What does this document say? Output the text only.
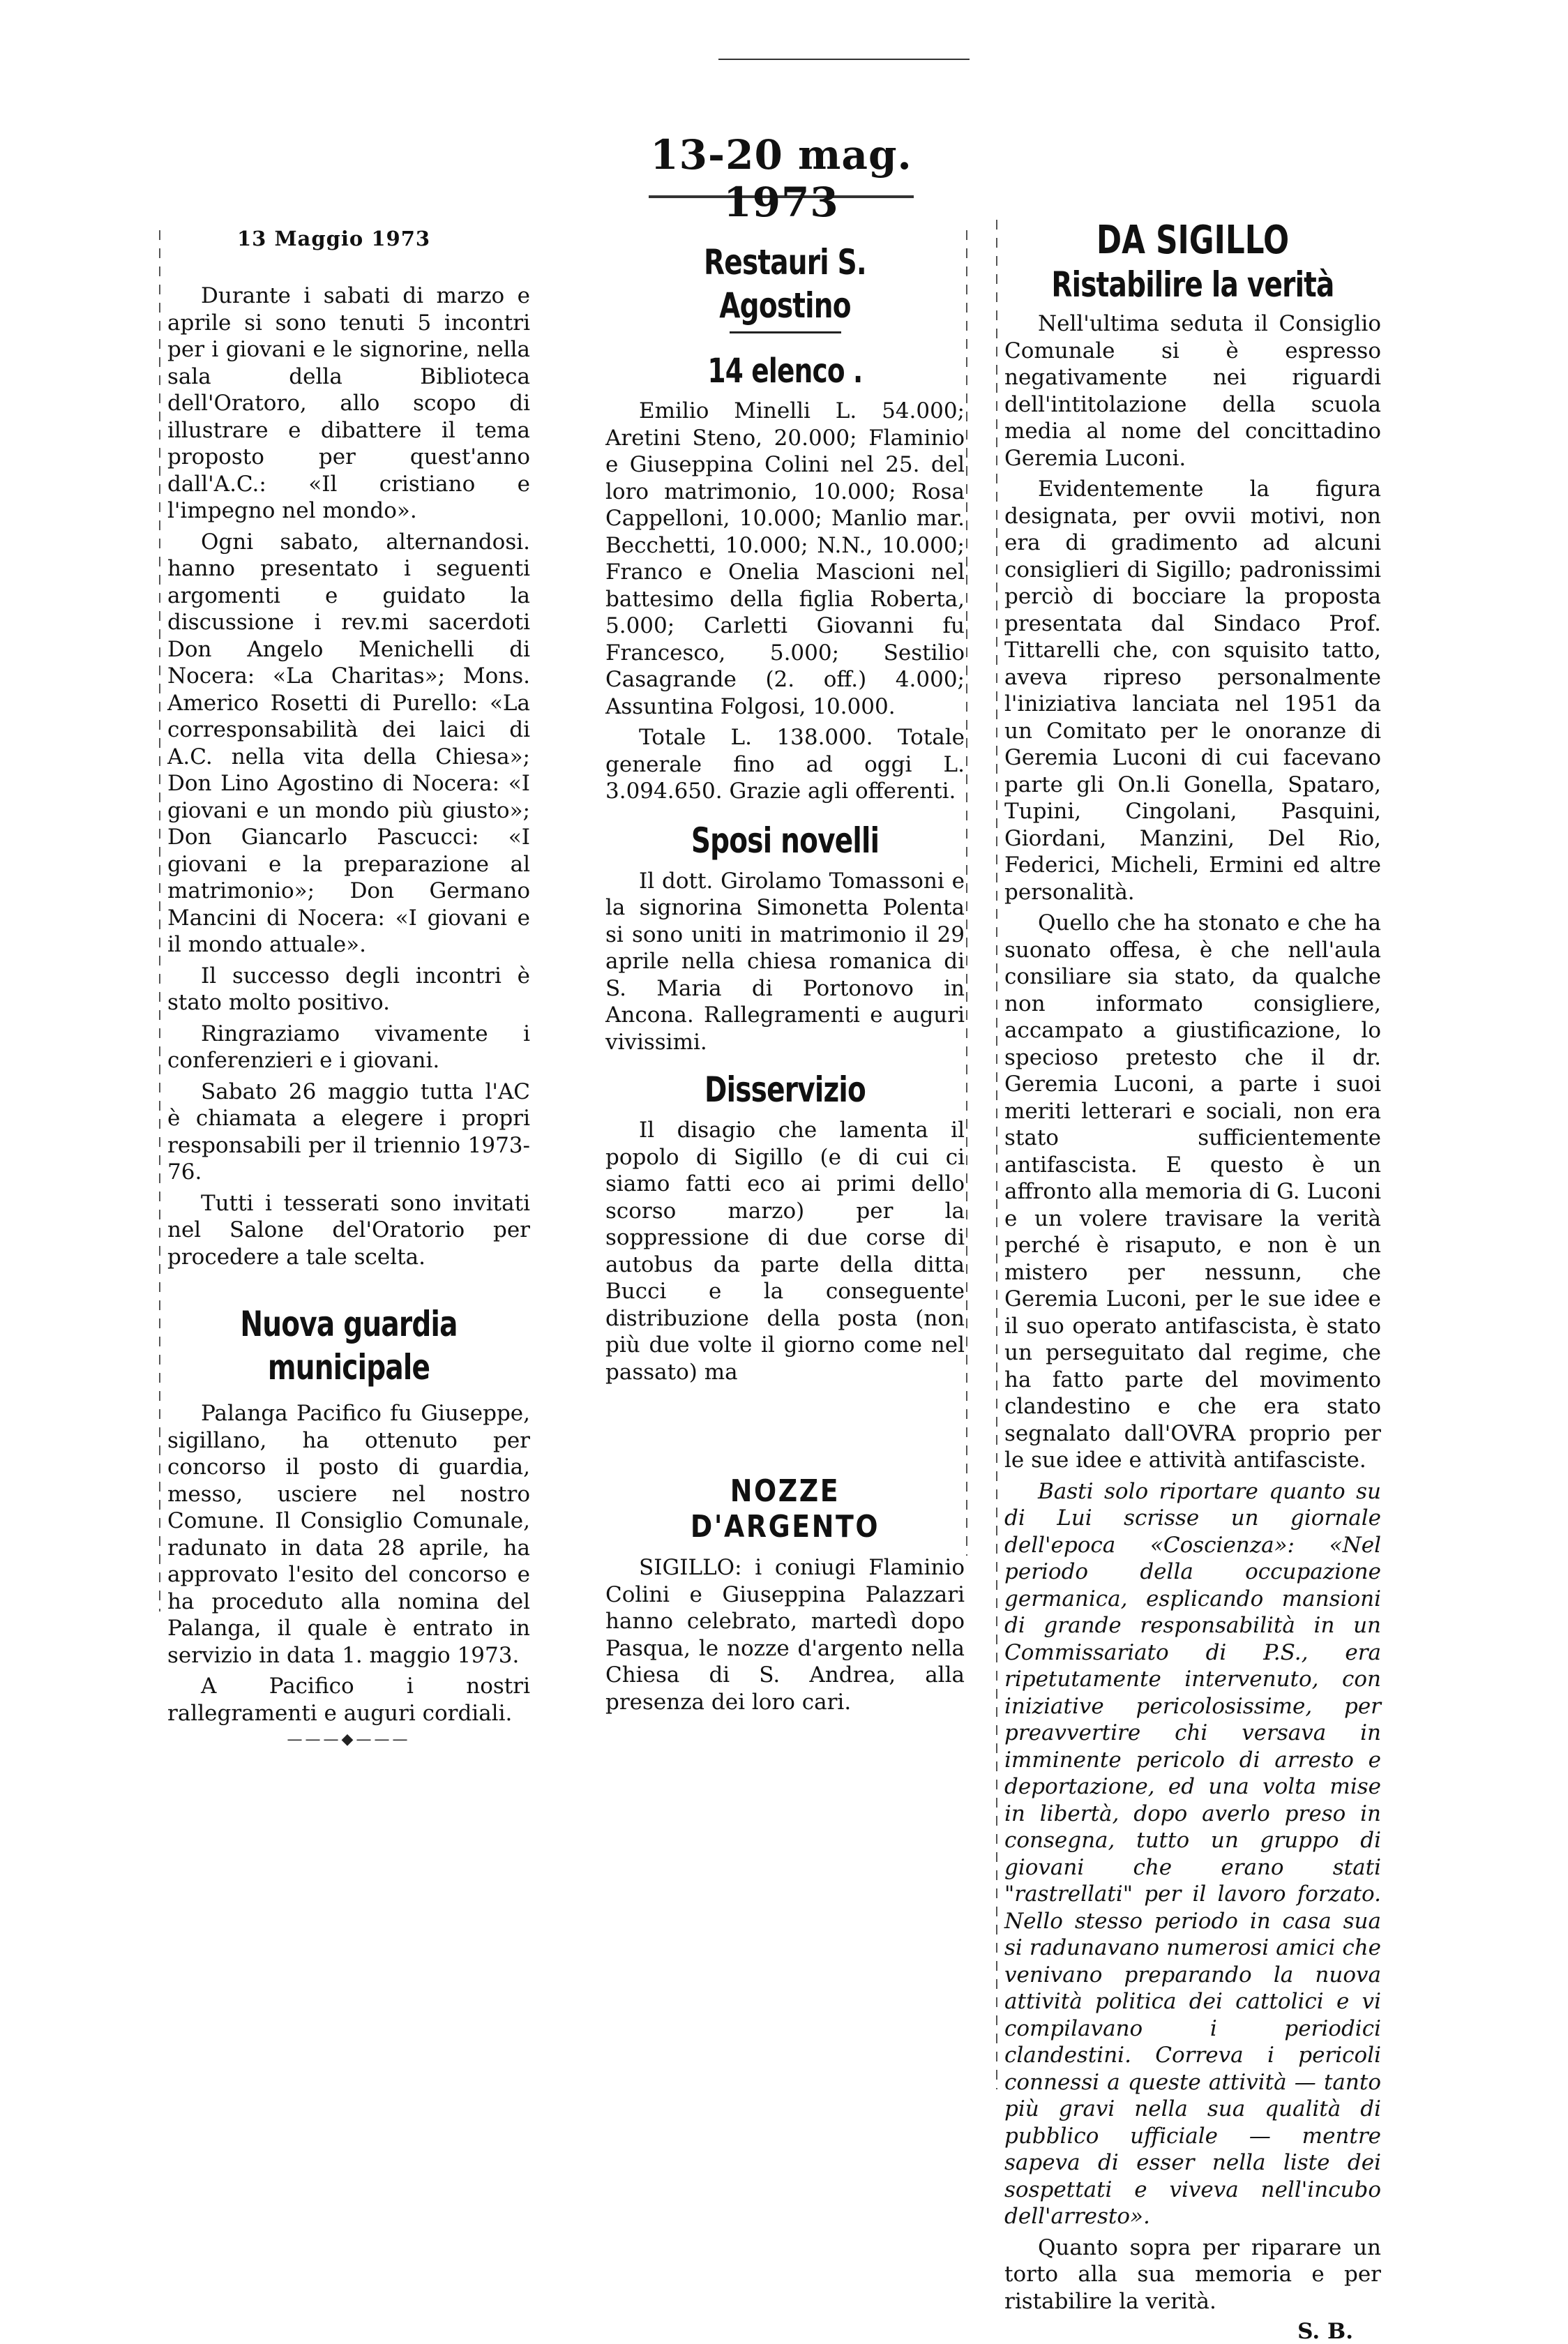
13-20 mag. 1973
13 Maggio 1973

Durante i sabati di marzo e aprile si sono tenuti 5 incontri per i giovani e le signorine, nella sala della Biblioteca dell'Oratoro, allo scopo di illustrare e dibattere il tema proposto per quest'anno dall'A.C.: «Il cristiano e l'impegno nel mondo».

Ogni sabato, alternandosi. hanno presentato i seguenti argomenti e guidato la discussione i rev.mi sacerdoti Don Angelo Menichelli di Nocera: «La Charitas»; Mons. Americo Rosetti di Purello: «La corresponsabilità dei laici di A.C. nella vita della Chiesa»; Don Lino Agostino di Nocera: «I giovani e un mondo più giusto»; Don Giancarlo Pascucci: «I giovani e la preparazione al matrimonio»; Don Germano Mancini di Nocera: «I giovani e il mondo attuale».

Il successo degli incontri è stato molto positivo.

Ringraziamo vivamente i conferenzieri e i giovani.

Sabato 26 maggio tutta l'AC è chiamata a elegere i propri responsabili per il triennio 1973-76.

Tutti i tesserati sono invitati nel Salone del'Oratorio per procedere a tale scelta.

Nuova guardia municipale

Palanga Pacifico fu Giuseppe, sigillano, ha ottenuto per concorso il posto di guardia, messo, usciere nel nostro Comune. Il Consiglio Comunale, radunato in data 28 aprile, ha approvato l'esito del concorso e ha proceduto alla nomina del Palanga, il quale è entrato in servizio in data 1. maggio 1973.

A Pacifico i nostri rallegramenti e auguri cordiali.

———◆———
Restauri S. Agostino
14 elenco .

Emilio Minelli L. 54.000; Aretini Steno, 20.000; Flaminio e Giuseppina Colini nel 25. del loro matrimonio, 10.000; Rosa Cappelloni, 10.000; Manlio mar. Becchetti, 10.000; N.N., 10.000; Franco e Onelia Mascioni nel battesimo della figlia Roberta, 5.000; Carletti Giovanni fu Francesco, 5.000; Sestilio Casagrande (2. off.) 4.000; Assuntina Folgosi, 10.000.

Totale L. 138.000. Totale generale fino ad oggi L. 3.094.650. Grazie agli offerenti.

Sposi novelli

Il dott. Girolamo Tomassoni e la signorina Simonetta Polenta si sono uniti in matrimonio il 29 aprile nella chiesa romanica di S. Maria di Portonovo in Ancona. Rallegramenti e auguri vivissimi.

Disservizio

Il disagio che lamenta il popolo di Sigillo (e di cui ci siamo fatti eco ai primi dello scorso marzo) per la soppressione di due corse di autobus da parte della ditta Bucci e la conseguente distribuzione della posta (non più due volte il giorno come nel passato) ma

NOZZE D'ARGENTO

SIGILLO: i coniugi Flaminio Colini e Giuseppina Palazzari hanno celebrato, martedì dopo Pasqua, le nozze d'argento nella Chiesa di S. Andrea, alla presenza dei loro cari.

DA SIGILLO
Ristabilire la verità

Nell'ultima seduta il Consiglio Comunale si è espresso negativamente nei riguardi dell'intitolazione della scuola media al nome del concittadino Geremia Luconi.

Evidentemente la figura designata, per ovvii motivi, non era di gradimento ad alcuni consiglieri di Sigillo; padronissimi perciò di bocciare la proposta presentata dal Sindaco Prof. Tittarelli che, con squisito tatto, aveva ripreso personalmente l'iniziativa lanciata nel 1951 da un Comitato per le onoranze di Geremia Luconi di cui facevano parte gli On.li Gonella, Spataro, Tupini, Cingolani, Pasquini, Giordani, Manzini, Del Rio, Federici, Micheli, Ermini ed altre personalità.

Quello che ha stonato e che ha suonato offesa, è che nell'aula consiliare sia stato, da qualche non informato consigliere, accampato a giustificazione, lo specioso pretesto che il dr. Geremia Luconi, a parte i suoi meriti letterari e sociali, non era stato sufficientemente antifascista. E questo è un affronto alla memoria di G. Luconi e un volere travisare la verità perché è risaputo, e non è un mistero per nessunn, che Geremia Luconi, per le sue idee e il suo operato antifascista, è stato un perseguitato dal regime, che ha fatto parte del movimento clandestino e che era stato segnalato dall'OVRA proprio per le sue idee e attività antifasciste.

Basti solo riportare quanto su di Lui scrisse un giornale dell'epoca «Coscienza»: «Nel periodo della occupazione germanica, esplicando mansioni di grande responsabilità in un Commissariato di P.S., era ripetutamente intervenuto, con iniziative pericolosissime, per preavvertire chi versava in imminente pericolo di arresto e deportazione, ed una volta mise in libertà, dopo averlo preso in consegna, tutto un gruppo di giovani che erano stati "rastrellati" per il lavoro forzato. Nello stesso periodo in casa sua si radunavano numerosi amici che venivano preparando la nuova attività politica dei cattolici e vi compilavano i periodici clandestini. Correva i pericoli connessi a queste attività — tanto più gravi nella sua qualità di pubblico ufficiale — mentre sapeva di esser nella liste dei sospettati e viveva nell'incubo dell'arresto».

Quanto sopra per riparare un torto alla sua memoria e per ristabilire la verità.

S. B.
